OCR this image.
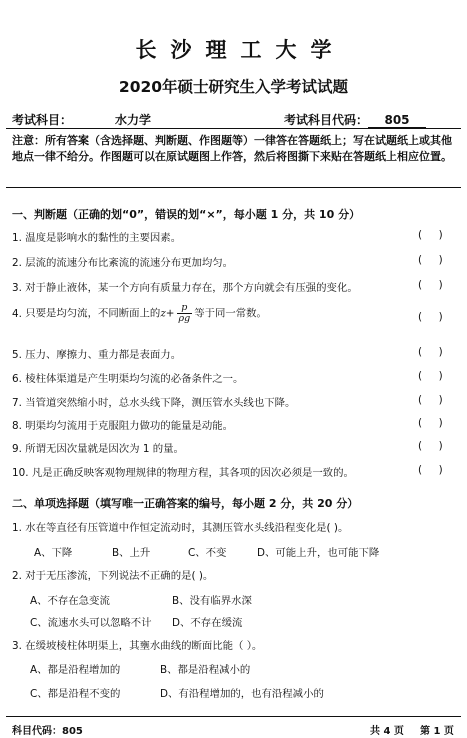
长沙理工大学
2020年硕士研究生入学考试试题
考试科目：	水力学	考试科目代码： 805
注意：所有答案（含选择题、判断题、作图题等）一律答在答题纸上；写在试题纸上或其他地点一律不给分。作图题可以在原试题图上作答，然后将图撕下来贴在答题纸上相应位置。
一、判断题（正确的划“0”，错误的划“×”，每小题 1 分，共 10 分）
1. 温度是影响水的黏性的主要因素。	(     )
2. 层流的流速分布比紊流的流速分布更加均匀。	(     )
3. 对于静止液体，某一个方向有质量力存在，那个方向就会有压强的变化。	(     )
4. 只要是均匀流，不同断面上的$z+ \frac{p}{\rho g}$ 等于同一常数。	(     )
5. 压力、摩擦力、重力都是表面力。	(     )
6. 棱柱体渠道是产生明渠均匀流的必备条件之一。	(     )
7. 当管道突然缩小时，总水头线下降，测压管水头线也下降。	(     )
8. 明渠均匀流用于克服阻力做功的能量是动能。	(     )
9. 所谓无因次量就是因次为 1 的量。	(     )
10. 凡是正确反映客观物理规律的物理方程，其各项的因次必须是一致的。	(     )
二、单项选择题（填写唯一正确答案的编号，每小题 2 分，共 20 分）
1. 水在等直径有压管道中作恒定流动时，其测压管水头线沿程变化是( )。
A、下降	B、上升	C、不变	D、可能上升，也可能下降
2. 对于无压渗流，下列说法不正确的是( )。
A、不存在急变流	B、没有临界水深
C、流速水头可以忽略不计 D、不存在缓流
3. 在缓坡棱柱体明渠上，其壅水曲线的断面比能（ ）。
A、都是沿程增加的	B、都是沿程减小的
C、都是沿程不变的	D、有沿程增加的，也有沿程减小的
科目代码：805	共 4 页 第 1 页
